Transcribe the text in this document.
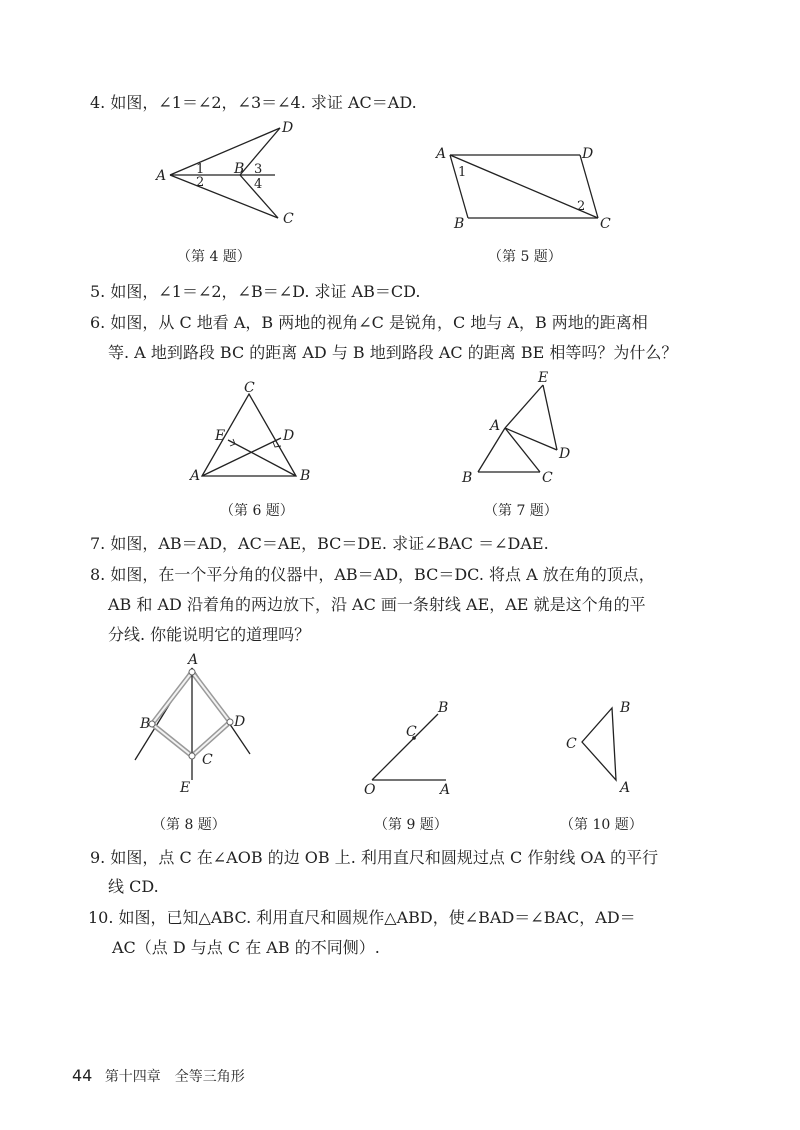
4. 如图，∠1＝∠2，∠3＝∠4. 求证 AC＝AD.
A	B
C
D
1
2
3
4
（第 4 题）
A	D
B	C
1
2
（第 5 题）
5. 如图，∠1＝∠2，∠B＝∠D. 求证 AB＝CD.
6. 如图，从 C 地看 A，B 两地的视角∠C 是锐角，C 地与 A，B 两地的距离相
等. A 地到路段 BC 的距离 AD 与 B 地到路段 AC 的距离 BE 相等吗？为什么？
C
A	B
E	D
（第 6 题）
E
A
D
B	C
（第 7 题）
7. 如图，AB＝AD，AC＝AE，BC＝DE. 求证∠BAC ＝∠DAE.
8. 如图，在一个平分角的仪器中，AB＝AD，BC＝DC. 将点 A 放在角的顶点，
AB 和 AD 沿着角的两边放下，沿 AC 画一条射线 AE，AE 就是这个角的平
分线. 你能说明它的道理吗？
A
B	D
C
E
（第 8 题）
O	A
B
C
（第 9 题）
B
C
A
（第 10 题）
9. 如图，点 C 在∠AOB 的边 OB 上. 利用直尺和圆规过点 C 作射线 OA 的平行
线 CD.
10. 如图，已知△ABC. 利用直尺和圆规作△ABD，使∠BAD＝∠BAC，AD＝
AC（点 D 与点 C 在 AB 的不同侧）.
44 第十四章　全等三角形
